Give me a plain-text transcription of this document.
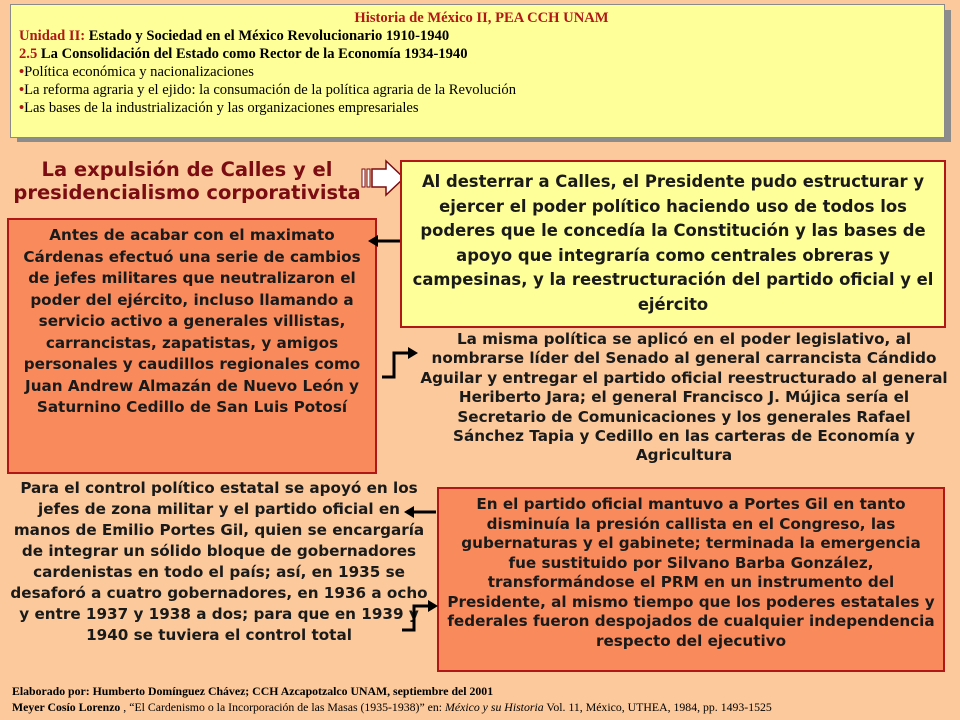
Historia de México II, PEA CCH UNAM
Unidad II: Estado y Sociedad en el México Revolucionario 1910-1940
2.5 La Consolidación del Estado como Rector de la Economía 1934-1940
•Política económica y nacionalizaciones
•La reforma agraria y el ejido: la consumación de la política agraria de la Revolución
•Las bases de la industrialización y las organizaciones empresariales
La expulsión de Calles y el
presidencialismo corporativista	Al desterrar a Calles, el Presidente pudo estructurar y ejercer el poder político haciendo uso de todos los poderes que le concedía la Constitución y las bases de apoyo que integraría como centrales obreras y campesinas, y la reestructuración del partido oficial y el ejército
Antes de acabar con el maximato Cárdenas efectuó una serie de cambios de jefes militares que neutralizaron el poder del ejército, incluso llamando a servicio activo a generales villistas, carrancistas, zapatistas, y amigos personales y caudillos regionales como Juan Andrew Almazán de Nuevo León y Saturnino Cedillo de San Luis Potosí
La misma política se aplicó en el poder legislativo, al nombrarse líder del Senado al general carrancista Cándido Aguilar y entregar el partido oficial reestructurado al general Heriberto Jara; el general Francisco J. Mújica sería el Secretario de Comunicaciones y los generales Rafael Sánchez Tapia y Cedillo en las carteras de Economía y Agricultura
Para el control político estatal se apoyó en los jefes de zona militar y el partido oficial en manos de Emilio Portes Gil, quien se encargaría de integrar un sólido bloque de gobernadores cardenistas en todo el país; así, en 1935 se desaforó a cuatro gobernadores, en 1936 a ocho y entre 1937 y 1938 a dos; para que en 1939 y 1940 se tuviera el control total
En el partido oficial mantuvo a Portes Gil en tanto disminuía la presión callista en el Congreso, las gubernaturas y el gabinete; terminada la emergencia fue sustituido por Silvano Barba González, transformándose el PRM en un instrumento del Presidente, al mismo tiempo que los poderes estatales y federales fueron despojados de cualquier independencia respecto del ejecutivo
Elaborado por: Humberto Domínguez Chávez; CCH Azcapotzalco UNAM, septiembre del 2001
Meyer Cosío Lorenzo , “El Cardenismo o la Incorporación de las Masas (1935-1938)” en: México y su Historia Vol. 11, México, UTHEA, 1984, pp. 1493-1525
